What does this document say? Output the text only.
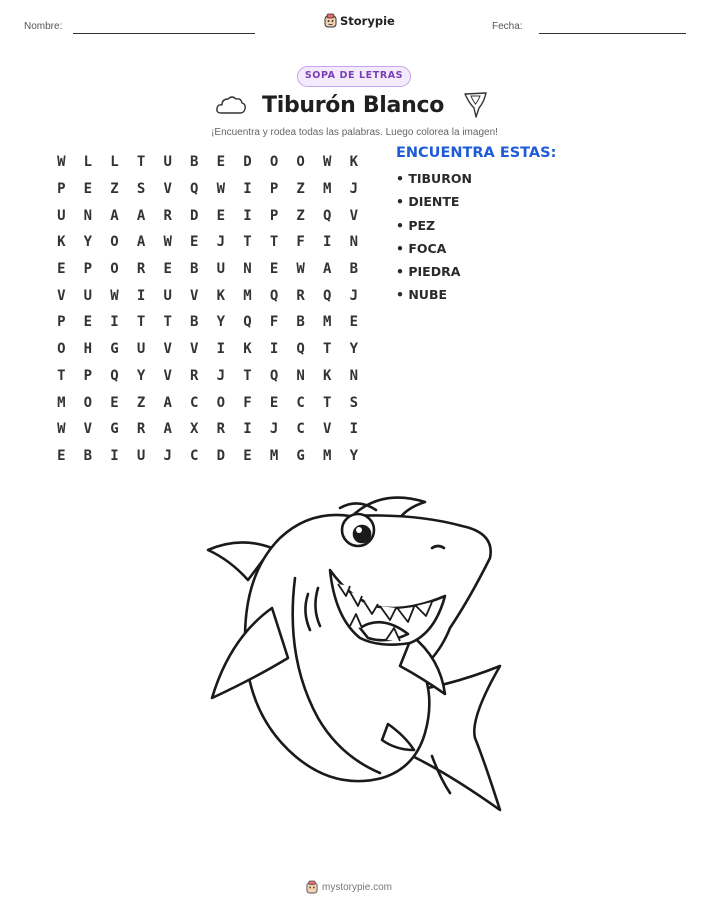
Nombre:	Storypie	Fecha:
SOPA DE LETRAS
Tiburón Blanco
¡Encuentra y rodea todas las palabras. Luego colorea la imagen!
W	L	L	T	U	B	E	D	O	O	W	K
P	E	Z	S	V	Q	W	I	P	Z	M	J
U	N	A	A	R	D	E	I	P	Z	Q	V
K	Y	O	A	W	E	J	T	T	F	I	N
E	P	O	R	E	B	U	N	E	W	A	B
V	U	W	I	U	V	K	M	Q	R	Q	J
P	E	I	T	T	B	Y	Q	F	B	M	E
O	H	G	U	V	V	I	K	I	Q	T	Y
T	P	Q	Y	V	R	J	T	Q	N	K	N
M	O	E	Z	A	C	O	F	E	C	T	S
W	V	G	R	A	X	R	I	J	C	V	I
E	B	I	U	J	C	D	E	M	G	M	Y
ENCUENTRA ESTAS:
• TIBURON
• DIENTE
• PEZ
• FOCA
• PIEDRA
• NUBE
mystorypie.com
